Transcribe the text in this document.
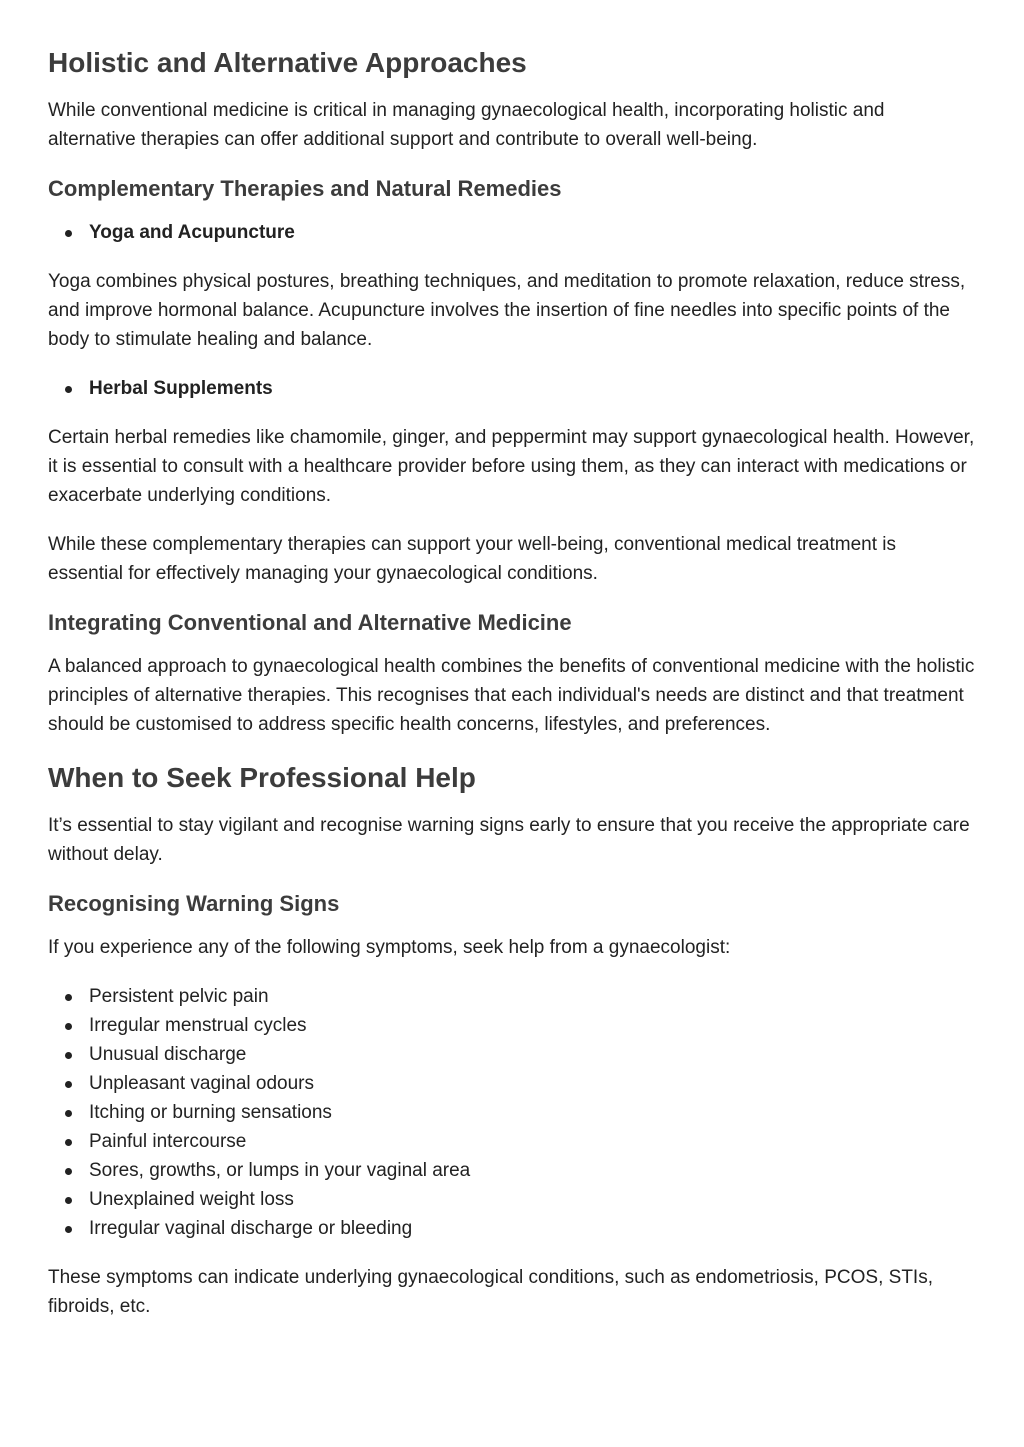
Holistic and Alternative Approaches

While conventional medicine is critical in managing gynaecological health, incorporating holistic and alternative therapies can offer additional support and contribute to overall well-being.

Complementary Therapies and Natural Remedies
Yoga and Acupuncture

Yoga combines physical postures, breathing techniques, and meditation to promote relaxation, reduce stress, and improve hormonal balance. Acupuncture involves the insertion of fine needles into specific points of the body to stimulate healing and balance.

Herbal Supplements

Certain herbal remedies like chamomile, ginger, and peppermint may support gynaecological health. However, it is essential to consult with a healthcare provider before using them, as they can interact with medications or exacerbate underlying conditions.

While these complementary therapies can support your well-being, conventional medical treatment is essential for effectively managing your gynaecological conditions.

Integrating Conventional and Alternative Medicine

A balanced approach to gynaecological health combines the benefits of conventional medicine with the holistic principles of alternative therapies. This recognises that each individual's needs are distinct and that treatment should be customised to address specific health concerns, lifestyles, and preferences.

When to Seek Professional Help

It’s essential to stay vigilant and recognise warning signs early to ensure that you receive the appropriate care without delay.

Recognising Warning Signs

If you experience any of the following symptoms, seek help from a gynaecologist:

Persistent pelvic pain
Irregular menstrual cycles
Unusual discharge
Unpleasant vaginal odours
Itching or burning sensations
Painful intercourse
Sores, growths, or lumps in your vaginal area
Unexplained weight loss
Irregular vaginal discharge or bleeding

These symptoms can indicate underlying gynaecological conditions, such as endometriosis, PCOS, STIs, fibroids, etc.
